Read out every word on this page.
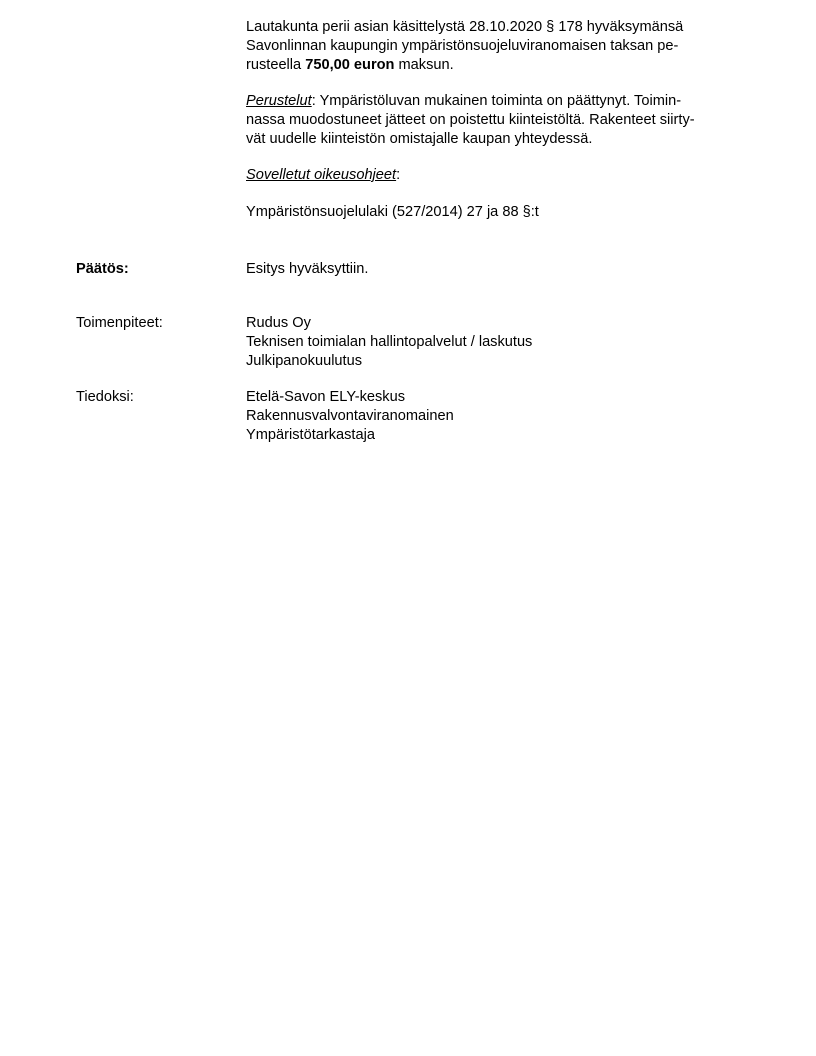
Lautakunta perii asian käsittelystä 28.10.2020 § 178 hyväksymänsä
Savonlinnan kaupungin ympäristönsuojeluviranomaisen taksan pe-
rusteella 750,00 euron maksun.

Perustelut: Ympäristöluvan mukainen toiminta on päättynyt. Toimin-
nassa muodostuneet jätteet on poistettu kiinteistöltä. Rakenteet siirty-
vät uudelle kiinteistön omistajalle kaupan yhteydessä.

Sovelletut oikeusohjeet:

Ympäristönsuojelulaki (527/2014) 27 ja 88 §:t

Päätös:	Esitys hyväksyttiin.

Toimenpiteet:	Rudus Oy
Teknisen toimialan hallintopalvelut / laskutus
Julkipanokuulutus

Tiedoksi:	Etelä-Savon ELY-keskus
Rakennusvalvontaviranomainen
Ympäristötarkastaja
